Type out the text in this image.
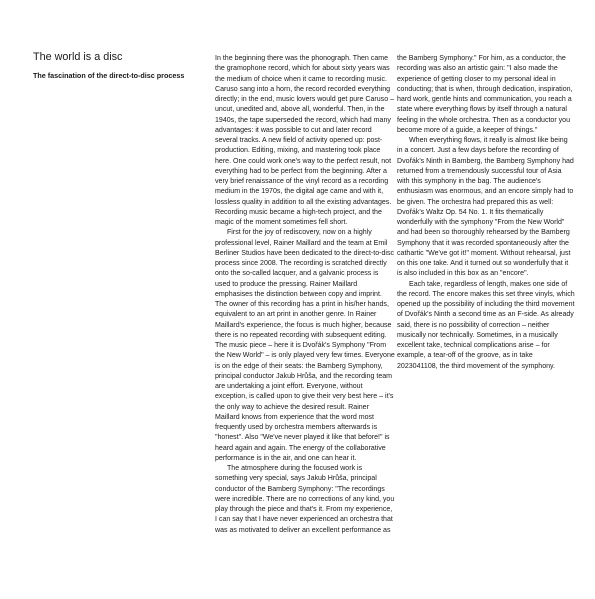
The world is a disc
The fascination of the direct-to-disc process

In the beginning there was the phonograph. Then came the gramophone record, which for about sixty years was the medium of choice when it came to recording music. Caruso sang into a horn, the record recorded everything directly; in the end, music lovers would get pure Caruso – uncut, unedited and, above all, wonderful. Then, in the 1940s, the tape superseded the record, which had many advantages: it was possible to cut and later record several tracks. A new field of activity opened up: post-production. Editing, mixing, and mastering took place here. One could work one's way to the perfect result, not everything had to be perfect from the beginning. After a very brief renaissance of the vinyl record as a recording medium in the 1970s, the digital age came and with it, lossless quality in addition to all the existing advantages. Recording music became a high-tech project, and the magic of the moment sometimes fell short.

First for the joy of rediscovery, now on a highly professional level, Rainer Maillard and the team at Emil Berliner Studios have been dedicated to the direct-to-disc process since 2008. The recording is scratched directly onto the so-called lacquer, and a galvanic process is used to produce the pressing. Rainer Maillard emphasises the distinction between copy and imprint. The owner of this recording has a print in his/her hands, equivalent to an art print in another genre. In Rainer Maillard's experience, the focus is much higher, because there is no repeated recording with subsequent editing. The music piece – here it is Dvořák's Symphony "From the New World" – is only played very few times. Everyone is on the edge of their seats: the Bamberg Symphony, principal conductor Jakub Hrůša, and the recording team are undertaking a joint effort. Everyone, without exception, is called upon to give their very best here – it's the only way to achieve the desired result. Rainer Maillard knows from experience that the word most frequently used by orchestra members afterwards is "honest". Also "We've never played it like that before!" is heard again and again. The energy of the collaborative performance is in the air, and one can hear it.

The atmosphere during the focused work is something very special, says Jakub Hrůša, principal conductor of the Bamberg Symphony: "The recordings were incredible. There are no corrections of any kind, you play through the piece and that's it. From my experience, I can say that I have never experienced an orchestra that was as motivated to deliver an excellent performance as

the Bamberg Symphony." For him, as a conductor, the recording was also an artistic gain: "I also made the experience of getting closer to my personal ideal in conducting; that is when, through dedication, inspiration, hard work, gentle hints and communication, you reach a state where everything flows by itself through a natural feeling in the whole orchestra. Then as a conductor you become more of a guide, a keeper of things."

When everything flows, it really is almost like being in a concert. Just a few days before the recording of Dvořák's Ninth in Bamberg, the Bamberg Symphony had returned from a tremendously successful tour of Asia with this symphony in the bag. The audience's enthusiasm was enormous, and an encore simply had to be given. The orchestra had prepared this as well: Dvořák's Waltz Op. 54 No. 1. It fits thematically wonderfully with the symphony "From the New World" and had been so thoroughly rehearsed by the Bamberg Symphony that it was recorded spontaneously after the cathartic "We've got it!" moment. Without rehearsal, just on this one take. And it turned out so wonderfully that it is also included in this box as an "encore".

Each take, regardless of length, makes one side of the record. The encore makes this set three vinyls, which opened up the possibility of including the third movement of Dvořák's Ninth a second time as an F-side. As already said, there is no possibility of correction – neither musically nor technically. Sometimes, in a musically excellent take, technical complications arise – for example, a tear-off of the groove, as in take 2023041108, the third movement of the symphony.
